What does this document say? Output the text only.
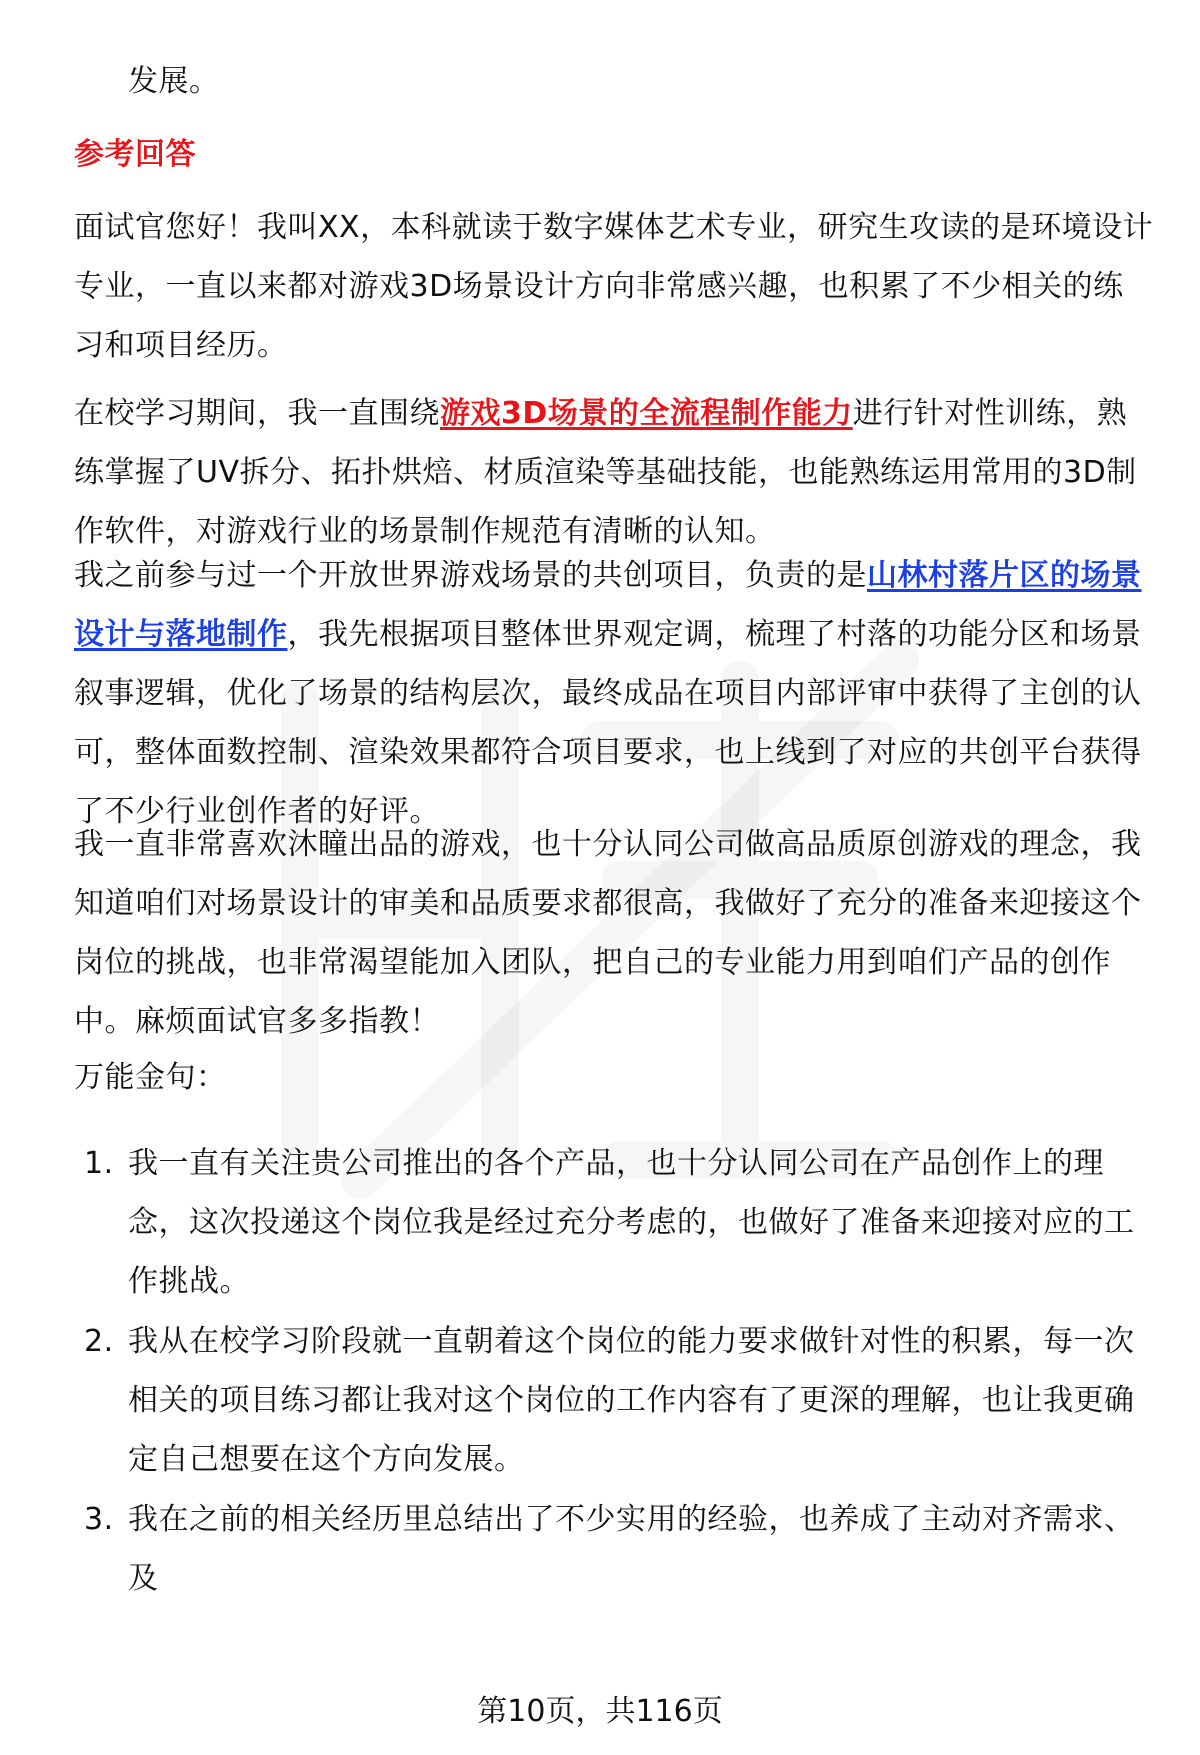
发展。
参考回答
面试官您好！我叫XX，本科就读于数字媒体艺术专业，研究生攻读的是环境设计专业，一直以来都对游戏3D场景设计方向非常感兴趣，也积累了不少相关的练习和项目经历。
在校学习期间，我一直围绕游戏3D场景的全流程制作能力进行针对性训练，熟练掌握了UV拆分、拓扑烘焙、材质渲染等基础技能，也能熟练运用常用的3D制作软件，对游戏行业的场景制作规范有清晰的认知。
我之前参与过一个开放世界游戏场景的共创项目，负责的是山林村落片区的场景设计与落地制作，我先根据项目整体世界观定调，梳理了村落的功能分区和场景叙事逻辑，优化了场景的结构层次，最终成品在项目内部评审中获得了主创的认可，整体面数控制、渲染效果都符合项目要求，也上线到了对应的共创平台获得了不少行业创作者的好评。
我一直非常喜欢沐瞳出品的游戏，也十分认同公司做高品质原创游戏的理念，我知道咱们对场景设计的审美和品质要求都很高，我做好了充分的准备来迎接这个岗位的挑战，也非常渴望能加入团队，把自己的专业能力用到咱们产品的创作中。麻烦面试官多多指教！
万能金句：
1. 我一直有关注贵公司推出的各个产品，也十分认同公司在产品创作上的理念，这次投递这个岗位我是经过充分考虑的，也做好了准备来迎接对应的工作挑战。
2. 我从在校学习阶段就一直朝着这个岗位的能力要求做针对性的积累，每一次相关的项目练习都让我对这个岗位的工作内容有了更深的理解，也让我更确定自己想要在这个方向发展。
3. 我在之前的相关经历里总结出了不少实用的经验，也养成了主动对齐需求、及
第10页，共116页
